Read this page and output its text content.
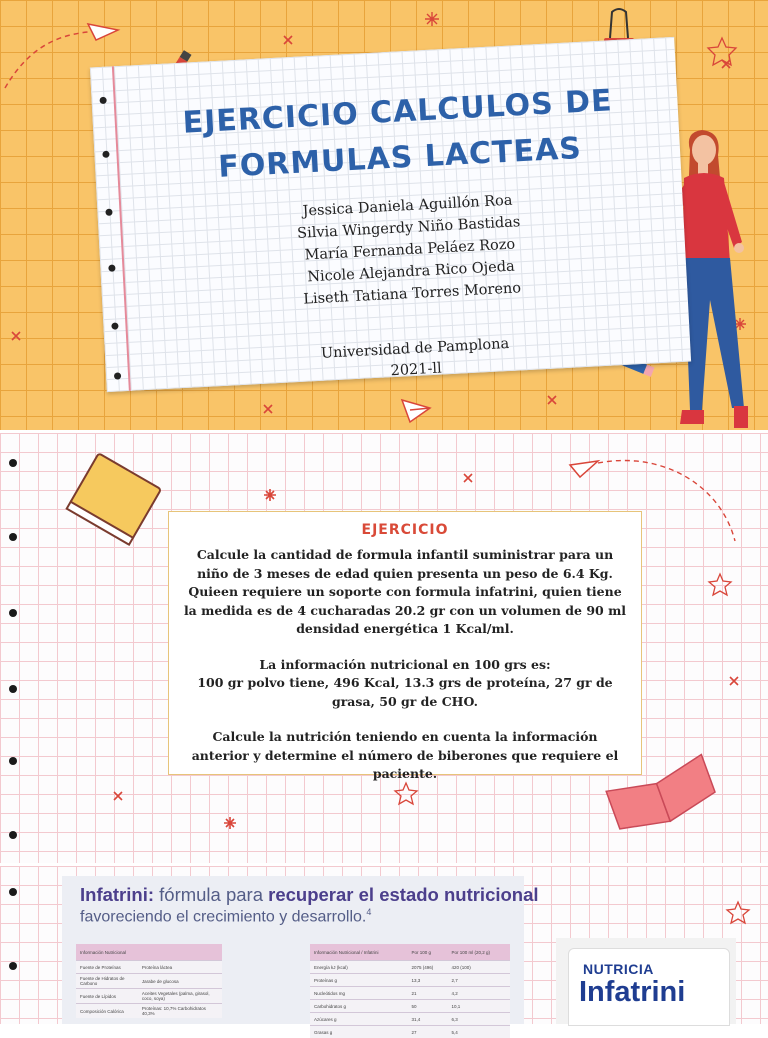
EJERCICIO CALCULOS DE
FORMULAS LACTEAS
Jessica Daniela Aguillón Roa
Silvia Wingerdy Niño Bastidas
María Fernanda Peláez Rozo
Nicole Alejandra Rico Ojeda
Liseth Tatiana Torres Moreno
Universidad de Pamplona
2021-ll
EJERCICIO

Calcule la cantidad de formula infantil suministrar para un niño de 3 meses de edad quien presenta un peso de 6.4 Kg. Quieen requiere un soporte con formula infatrini, quien tiene la medida es de 4 cucharadas 20.2 gr con un volumen de 90 ml densidad energética 1 Kcal/ml.

La información nutricional en 100 grs es:
100 gr polvo tiene, 496 Kcal, 13.3 grs de proteína, 27 gr de grasa, 50 gr de CHO.

Calcule la nutrición teniendo en cuenta la información anterior y determine el número de biberones que requiere el paciente.

Infatrini: fórmula para recuperar el estado nutricional
favoreciendo el crecimiento y desarrollo.$^4$
Información Nutricional	
Fuente de Proteínas	Proteína láctea
Fuente de Hidratos de Carbono	Jarabe de glucosa
Fuente de Lípidos	Aceites Vegetales (palma, girasol, coco, soya)
Composición Calórica	Proteínas: 10,7% Carbohidratos 40,3%
Información Nutricional / Infatrini	Por 100 g	Por 100 ml (20,2 g)
Energía kJ (kcal)	2075 (496)	420 (100)
Proteínas g	13,3	2,7
Nucleótidos mg	21	4,2
Carbohidratos g	50	10,1
Azúcares g	31,4	6,3
Grasas g	27	5,4
NUTRICIA
Infatrini
